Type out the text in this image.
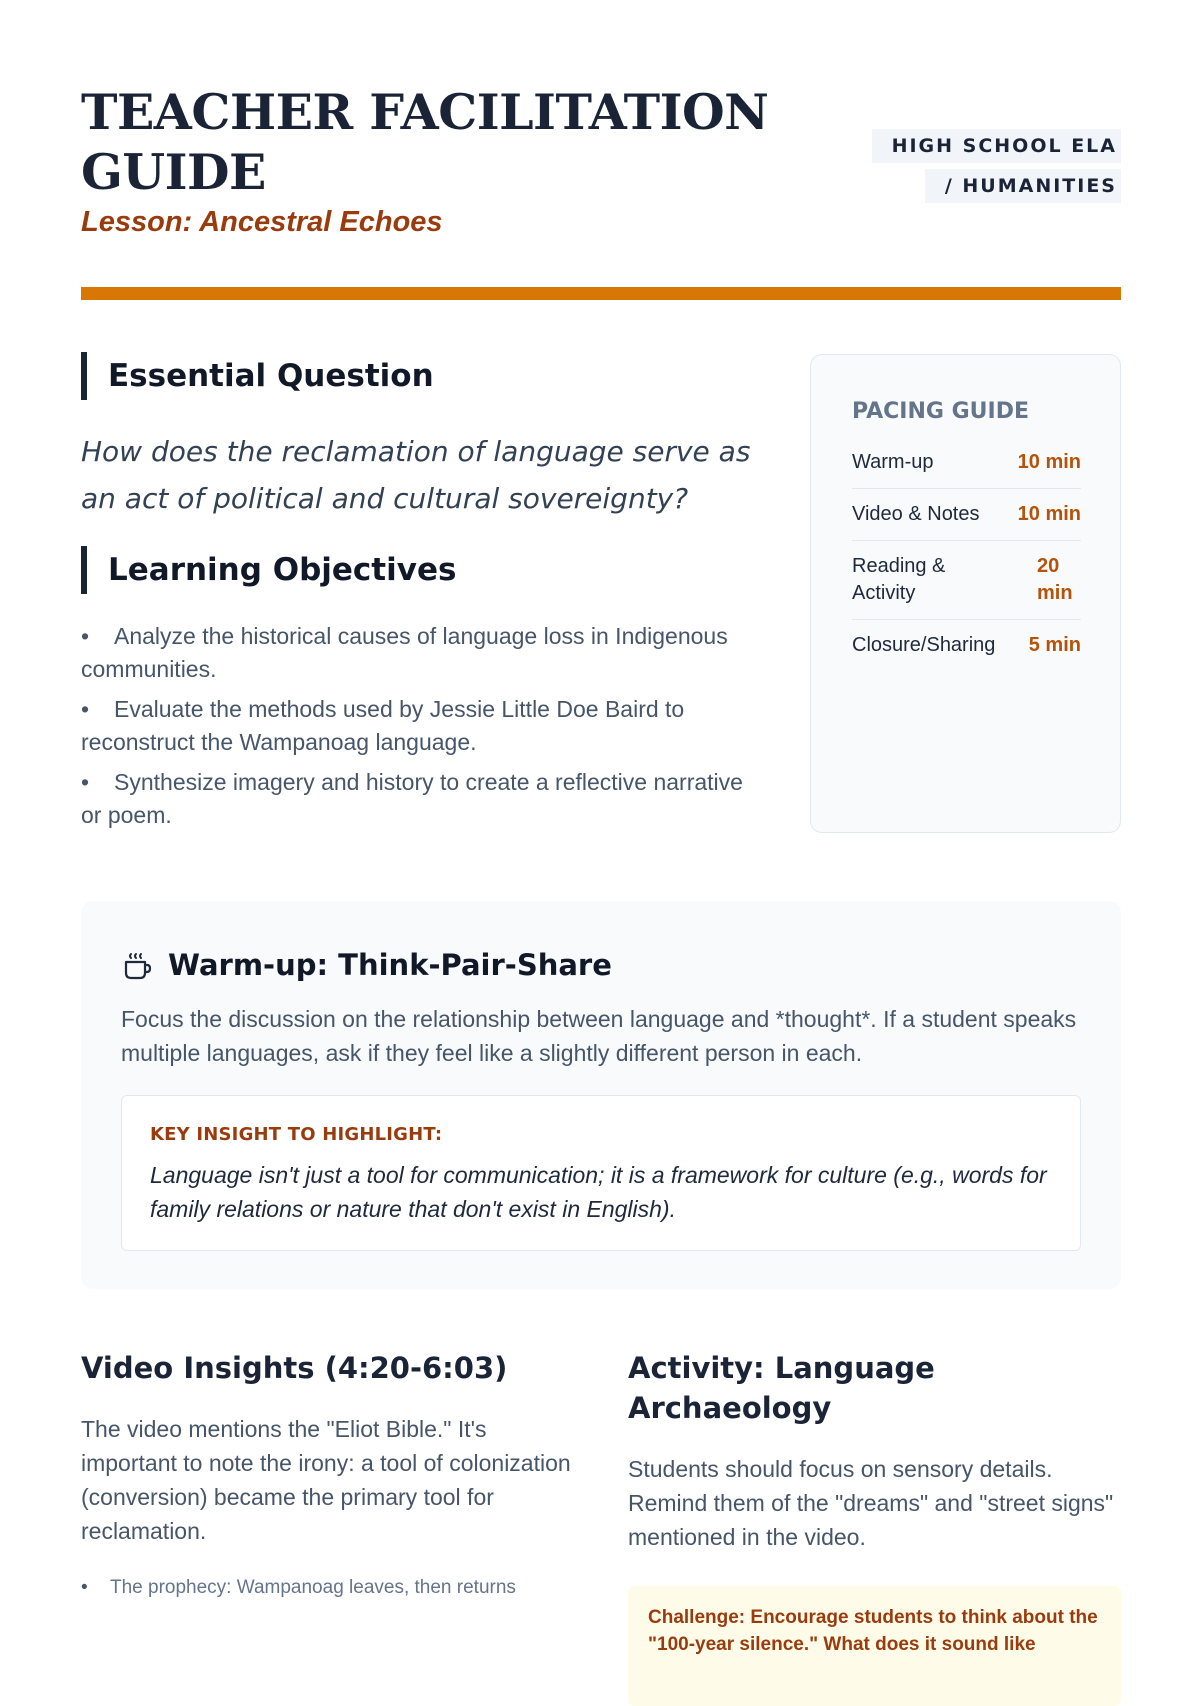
TEACHER FACILITATION GUIDE
Lesson: Ancestral Echoes
HIGH SCHOOL ELA / HUMANITIES
Essential Question

How does the reclamation of language serve as an act of political and cultural sovereignty?

Learning Objectives
• Analyze the historical causes of language loss in Indigenous communities.
• Evaluate the methods used by Jessie Little Doe Baird to reconstruct the Wampanoag language.
• Synthesize imagery and history to create a reflective narrative or poem.
PACING GUIDE
Warm-up	10 min
Video & Notes 10 min
Reading & Activity
20 min
Closure/Sharing 5 min
Warm-up: Think-Pair-Share

Focus the discussion on the relationship between language and *thought*. If a student speaks multiple languages, ask if they feel like a slightly different person in each.

KEY INSIGHT TO HIGHLIGHT:

Language isn't just a tool for communication; it is a framework for culture (e.g., words for family relations or nature that don't exist in English).

Video Insights (4:20-6:03)

The video mentions the "Eliot Bible." It's important to note the irony: a tool of colonization (conversion) became the primary tool for reclamation.

• The prophecy: Wampanoag leaves, then returns
Activity: Language Archaeology

Students should focus on sensory details. Remind them of the "dreams" and "street signs" mentioned in the video.

Challenge: Encourage students to think about the "100-year silence." What does it sound like
